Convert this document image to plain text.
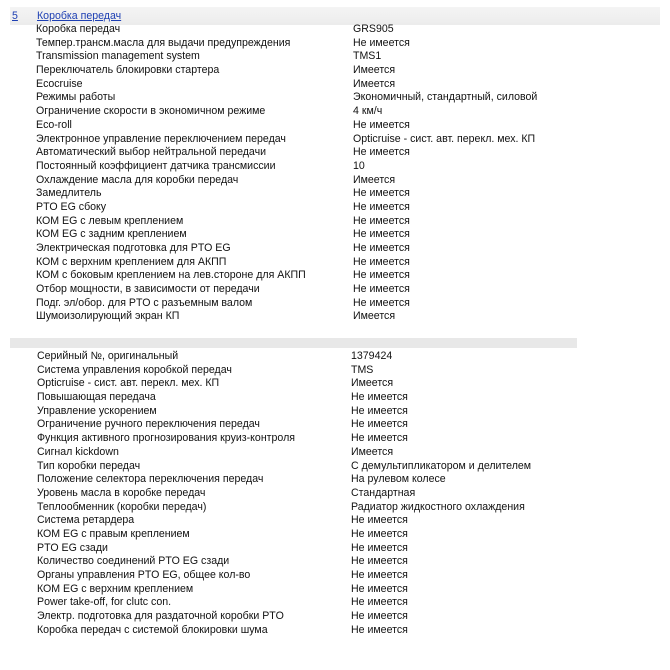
5 Коробка передач
Коробка передач	GRS905
Темпер.трансм.масла для выдачи предупреждения	Не имеется
Transmission management system	TMS1
Переключатель блокировки стартера	Имеется
Ecocruise	Имеется
Режимы работы	Экономичный, стандартный, силовой
Ограничение скорости в экономичном режиме	4 км/ч
Eco-roll	Не имеется
Электронное управление переключением передач	Opticruise - сист. авт. перекл. мех. КП
Автоматический выбор нейтральной передачи	Не имеется
Постоянный коэффициент датчика трансмиссии	10
Охлаждение масла для коробки передач	Имеется
Замедлитель	Не имеется
PTO EG сбоку	Не имеется
КОМ EG с левым креплением	Не имеется
КОМ EG с задним креплением	Не имеется
Электрическая подготовка для PTO EG	Не имеется
КОМ с верхним креплением для АКПП	Не имеется
КОМ с боковым креплением на лев.стороне для АКПП	Не имеется
Отбор мощности, в зависимости от передачи	Не имеется
Подг. эл/обор. для PTO с разъемным валом	Не имеется
Шумоизолирующий экран КП	Имеется
Серийный №, оригинальный	1379424
Система управления коробкой передач	TMS
Opticruise - сист. авт. перекл. мех. КП	Имеется
Повышающая передача	Не имеется
Управление ускорением	Не имеется
Ограничение ручного переключения передач	Не имеется
Функция активного прогнозирования круиз-контроля	Не имеется
Сигнал kickdown	Имеется
Тип коробки передач	С демультипликатором и делителем
Положение селектора переключения передач	На рулевом колесе
Уровень масла в коробке передач	Стандартная
Теплообменник (коробки передач)	Радиатор жидкостного охлаждения
Система ретардера	Не имеется
КОМ EG с правым креплением	Не имеется
PTO EG сзади	Не имеется
Количество соединений PTO EG сзади	Не имеется
Органы управления PTO EG, общее кол-во	Не имеется
КОМ EG с верхним креплением	Не имеется
Power take-off, for clutc con.	Не имеется
Электр. подготовка для раздаточной коробки PTO	Не имеется
Коробка передач с системой блокировки шума	Не имеется
